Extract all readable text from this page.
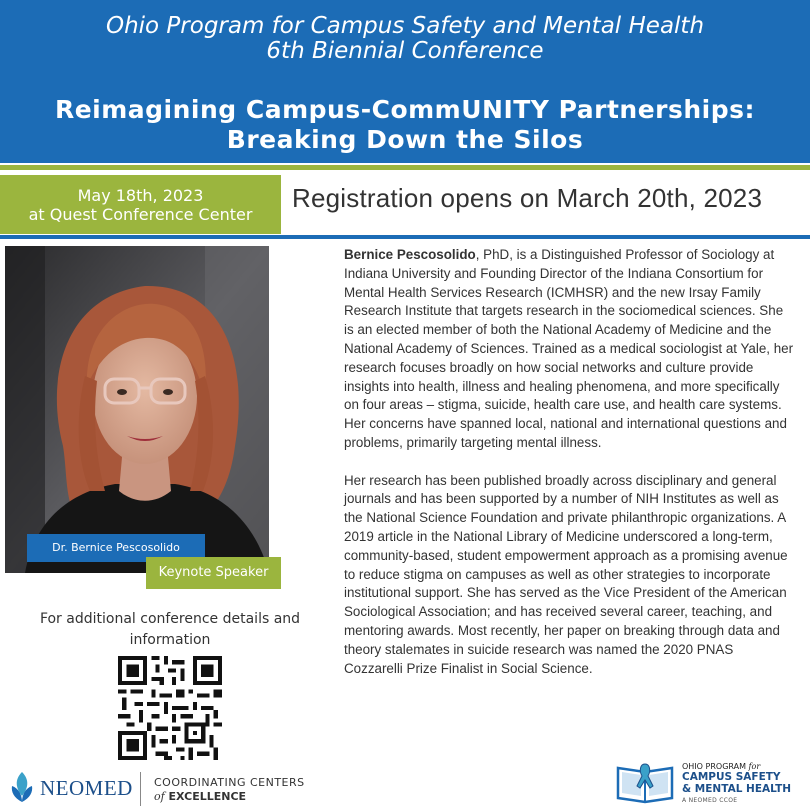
Ohio Program for Campus Safety and Mental Health
6th Biennial Conference
Reimagining Campus-CommUNITY Partnerships:
Breaking Down the Silos
May 18th, 2023
at Quest Conference Center
Registration opens on March 20th, 2023
Dr. Bernice Pescosolido
Keynote Speaker
For additional conference details and information

Bernice Pescosolido, PhD, is a Distinguished Professor of Sociology at Indiana University and Founding Director of the Indiana Consortium for Mental Health Services Research (ICMHSR) and the new Irsay Family Research Institute that targets research in the sociomedical sciences. She is an elected member of both the National Academy of Medicine and the National Academy of Sciences. Trained as a medical sociologist at Yale, her research focuses broadly on how social networks and culture provide insights into health, illness and healing phenomena, and more specifically on four areas – stigma, suicide, health care use, and health care systems. Her concerns have spanned local, national and international questions and problems, primarily targeting mental illness.

Her research has been published broadly across disciplinary and general journals and has been supported by a number of NIH Institutes as well as the National Science Foundation and private philanthropic organizations. A 2019 article in the National Library of Medicine underscored a long-term, community-based, student empowerment approach as a promising avenue to reduce stigma on campuses as well as other strategies to incorporate institutional support. She has served as the Vice President of the American Sociological Association; and has received several career, teaching, and mentoring awards. Most recently, her paper on breaking through data and theory stalemates in suicide research was named the 2020 PNAS Cozzarelli Prize Finalist in Social Science.

NEOMED COORDINATING CENTERS
of EXCELLENCE
OHIO PROGRAM for
CAMPUS SAFETY
& MENTAL HEALTH
A NEOMED CCOE
